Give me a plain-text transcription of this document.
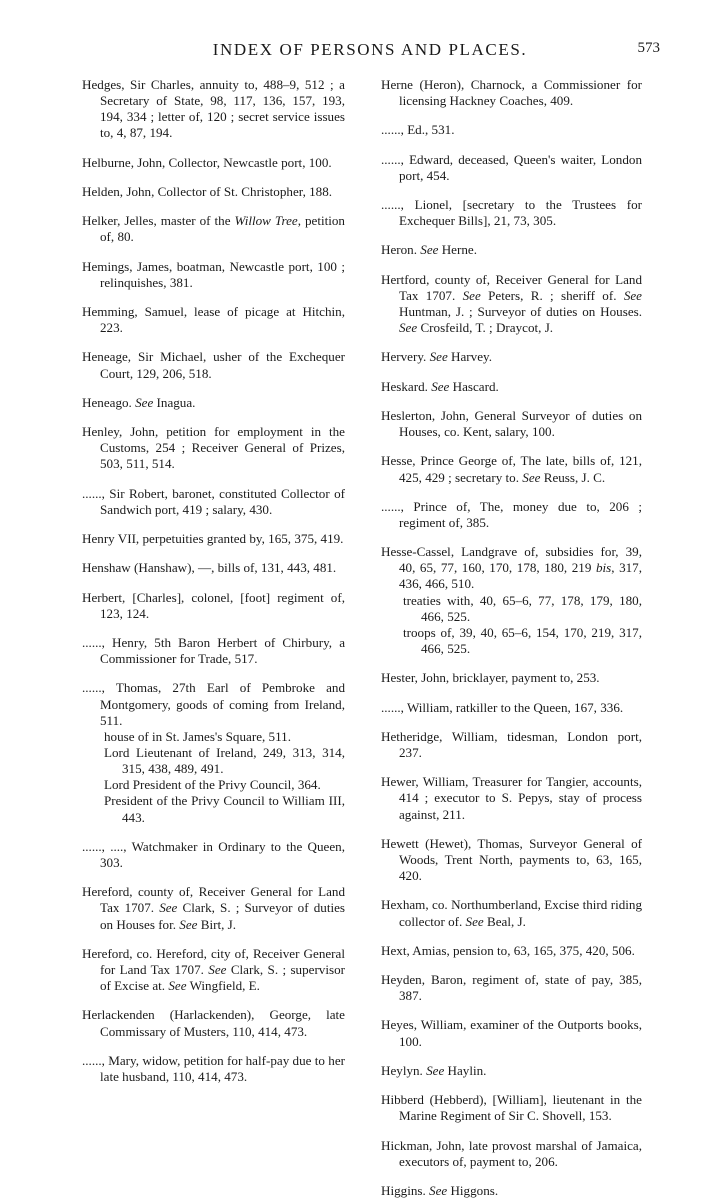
INDEX OF PERSONS AND PLACES.	573

Hedges, Sir Charles, annuity to, 488–9, 512 ; a Secretary of State, 98, 117, 136, 157, 193, 194, 334 ; letter of, 120 ; secret service issues to, 4, 87, 194.

Helburne, John, Collector, Newcastle port, 100.

Helden, John, Collector of St. Christopher, 188.

Helker, Jelles, master of the Willow Tree, petition of, 80.

Hemings, James, boatman, Newcastle port, 100 ; relinquishes, 381.

Hemming, Samuel, lease of picage at Hitchin, 223.

Heneage, Sir Michael, usher of the Exchequer Court, 129, 206, 518.

Heneago. See Inagua.

Henley, John, petition for employment in the Customs, 254 ; Receiver General of Prizes, 503, 511, 514.

......, Sir Robert, baronet, constituted Collector of Sandwich port, 419 ; salary, 430.

Henry VII, perpetuities granted by, 165, 375, 419.

Henshaw (Hanshaw), —, bills of, 131, 443, 481.

Herbert, [Charles], colonel, [foot] regiment of, 123, 124.

......, Henry, 5th Baron Herbert of Chirbury, a Commissioner for Trade, 517.

......, Thomas, 27th Earl of Pembroke and Montgomery, goods of coming from Ireland, 511.

house of in St. James's Square, 511.

Lord Lieutenant of Ireland, 249, 313, 314, 315, 438, 489, 491.

Lord President of the Privy Council, 364.

President of the Privy Council to William III, 443.

......, ...., Watchmaker in Ordinary to the Queen, 303.

Hereford, county of, Receiver General for Land Tax 1707. See Clark, S. ; Surveyor of duties on Houses for. See Birt, J.

Hereford, co. Hereford, city of, Receiver General for Land Tax 1707. See Clark, S. ; supervisor of Excise at. See Wingfield, E.

Herlackenden (Harlackenden), George, late Commissary of Musters, 110, 414, 473.

......, Mary, widow, petition for half-pay due to her late husband, 110, 414, 473.

Herne (Heron), Charnock, a Commissioner for licensing Hackney Coaches, 409.

......, Ed., 531.

......, Edward, deceased, Queen's waiter, London port, 454.

......, Lionel, [secretary to the Trustees for Exchequer Bills], 21, 73, 305.

Heron. See Herne.

Hertford, county of, Receiver General for Land Tax 1707. See Peters, R. ; sheriff of. See Huntman, J. ; Surveyor of duties on Houses. See Crosfeild, T. ; Draycot, J.

Hervery. See Harvey.

Heskard. See Hascard.

Heslerton, John, General Surveyor of duties on Houses, co. Kent, salary, 100.

Hesse, Prince George of, The late, bills of, 121, 425, 429 ; secretary to. See Reuss, J. C.

......, Prince of, The, money due to, 206 ; regiment of, 385.

Hesse-Cassel, Landgrave of, subsidies for, 39, 40, 65, 77, 160, 170, 178, 180, 219 bis, 317, 436, 466, 510.

treaties with, 40, 65–6, 77, 178, 179, 180, 466, 525.

troops of, 39, 40, 65–6, 154, 170, 219, 317, 466, 525.

Hester, John, bricklayer, payment to, 253.

......, William, ratkiller to the Queen, 167, 336.

Hetheridge, William, tidesman, London port, 237.

Hewer, William, Treasurer for Tangier, accounts, 414 ; executor to S. Pepys, stay of process against, 211.

Hewett (Hewet), Thomas, Surveyor General of Woods, Trent North, payments to, 63, 165, 420.

Hexham, co. Northumberland, Excise third riding collector of. See Beal, J.

Hext, Amias, pension to, 63, 165, 375, 420, 506.

Heyden, Baron, regiment of, state of pay, 385, 387.

Heyes, William, examiner of the Outports books, 100.

Heylyn. See Haylin.

Hibberd (Hebberd), [William], lieutenant in the Marine Regiment of Sir C. Shovell, 153.

Hickman, John, late provost marshal of Jamaica, executors of, payment to, 206.

Higgins. See Higgons.
